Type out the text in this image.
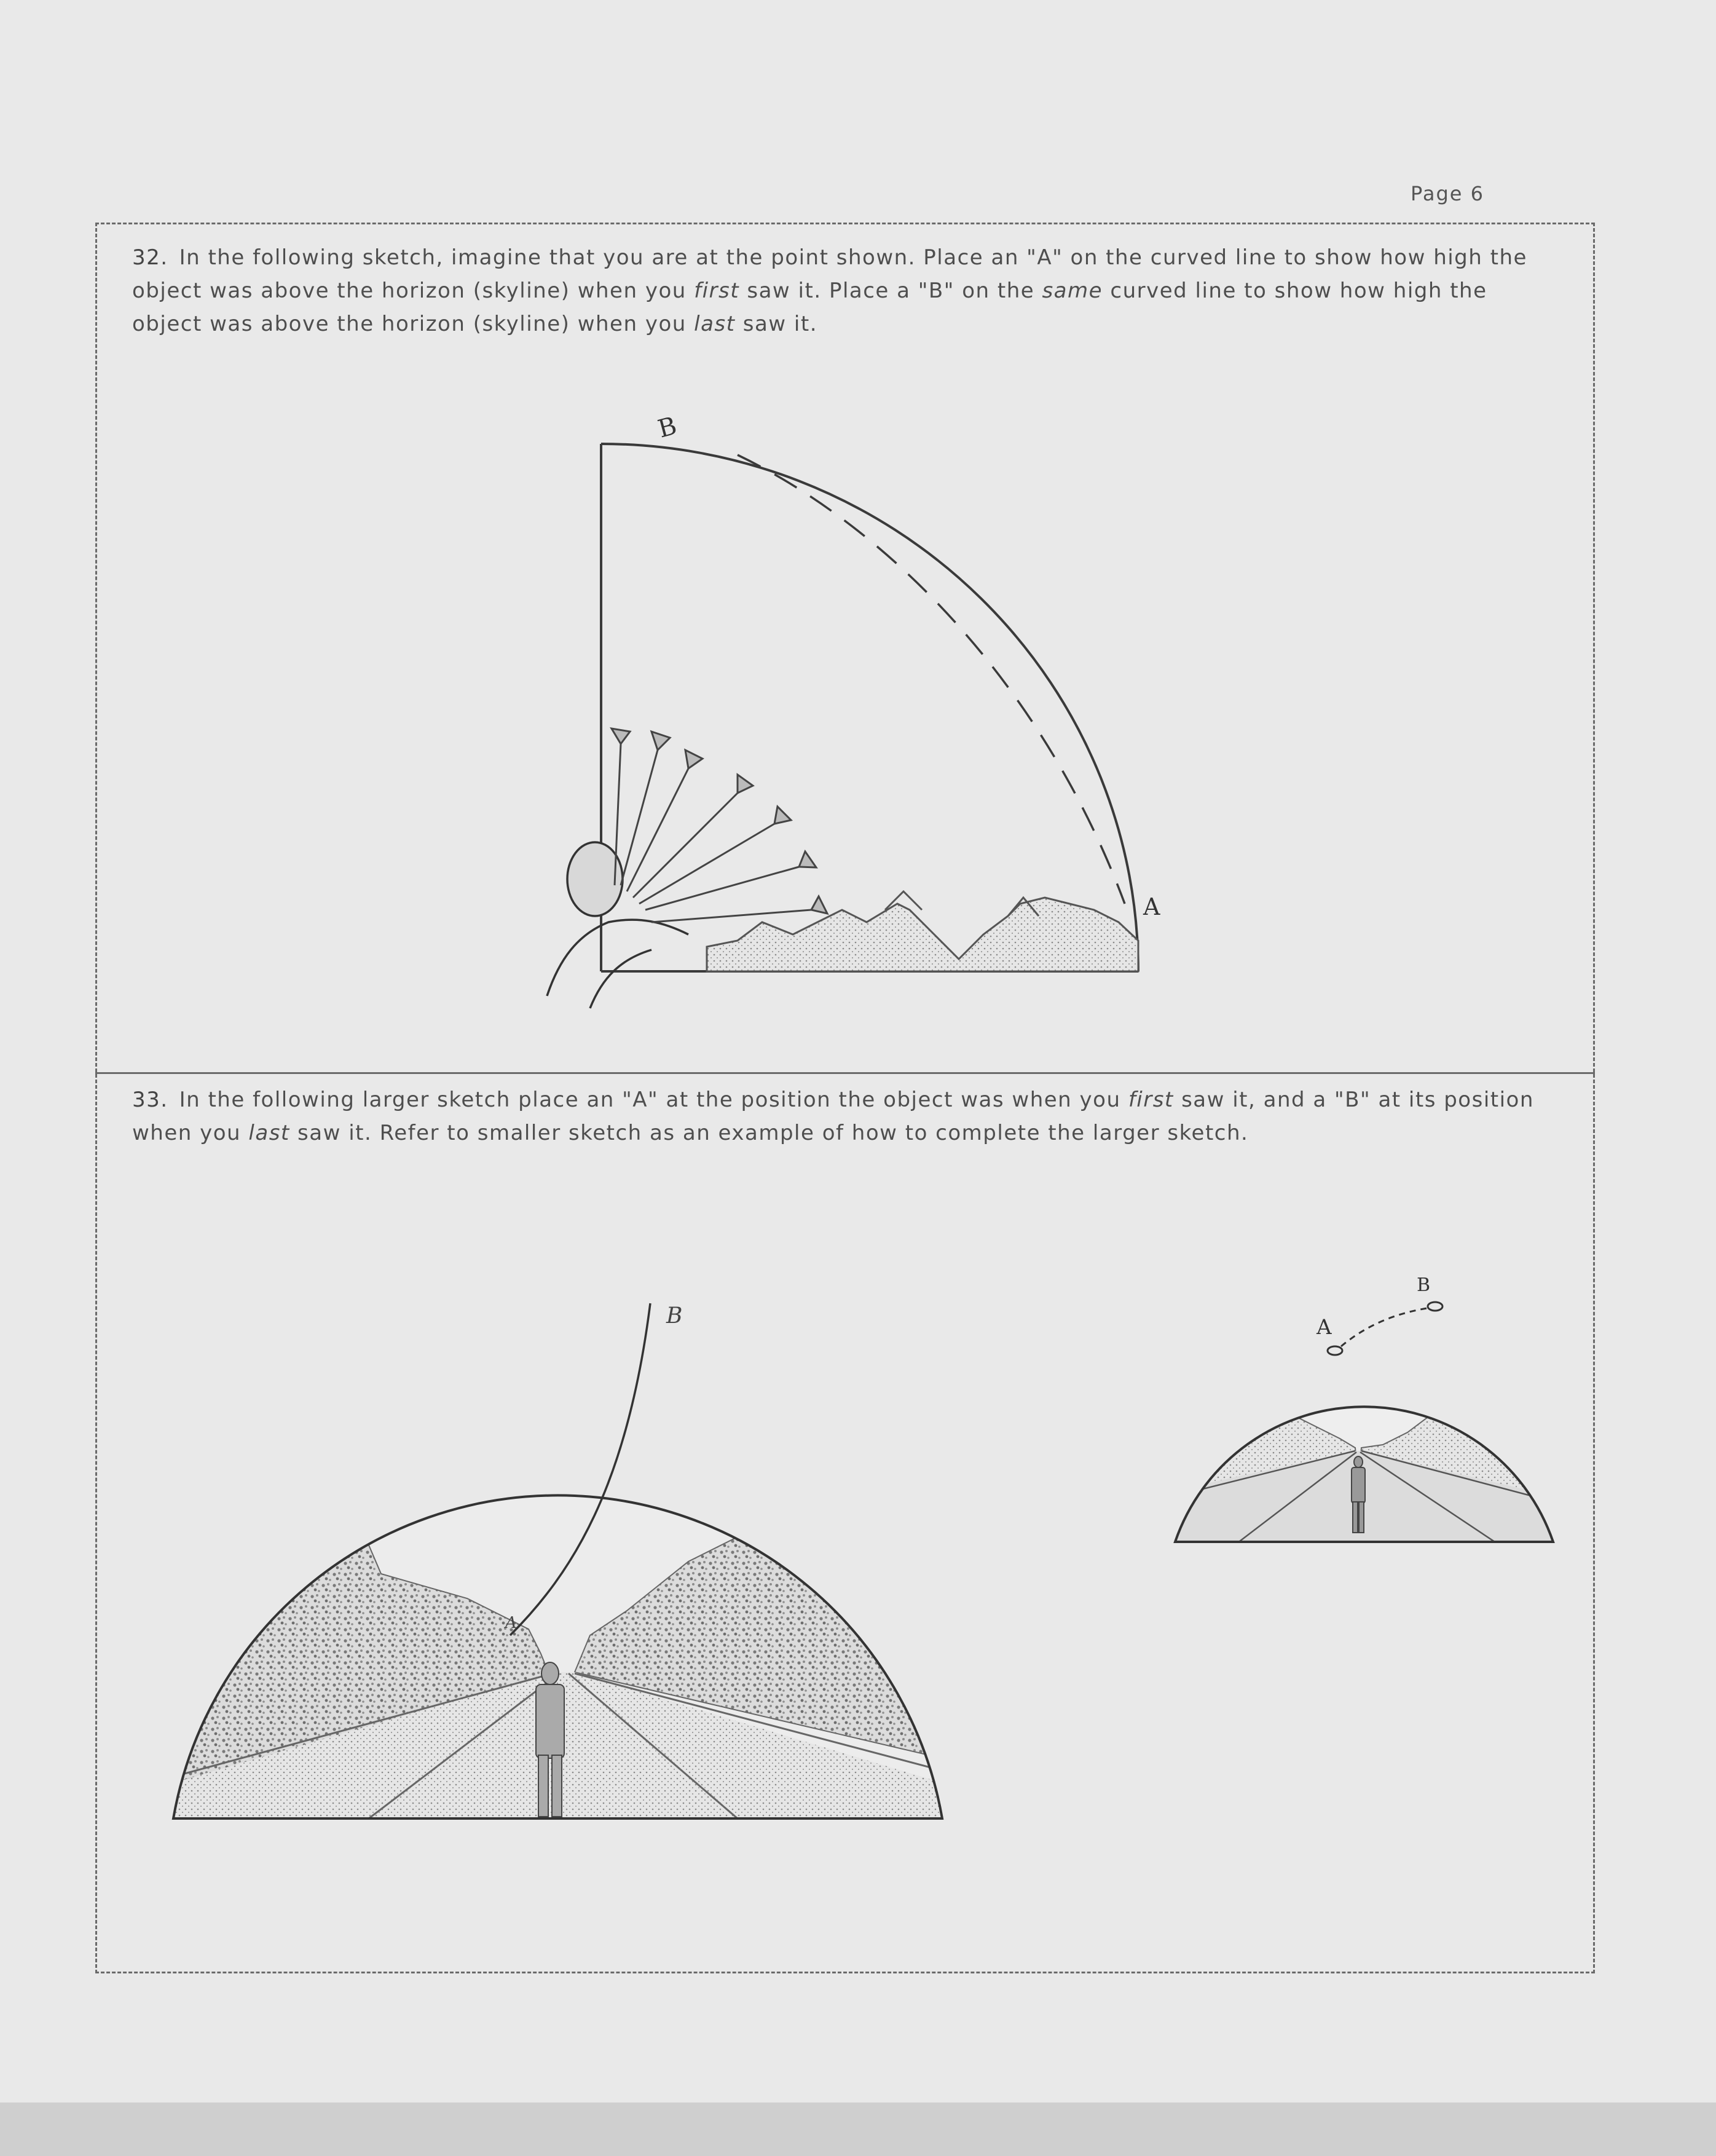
Page 6
32. In the following sketch, imagine that you are at the point shown. Place an "A" on the curved line to show how high the object was above the horizon (skyline) when you first saw it. Place a "B" on the same curved line to show how high the object was above the horizon (skyline) when you last saw it.
33. In the following larger sketch place an "A" at the position the object was when you first saw it, and a "B" at its position when you last saw it. Refer to smaller sketch as an example of how to complete the larger sketch.
B
A
A
B	A
B
